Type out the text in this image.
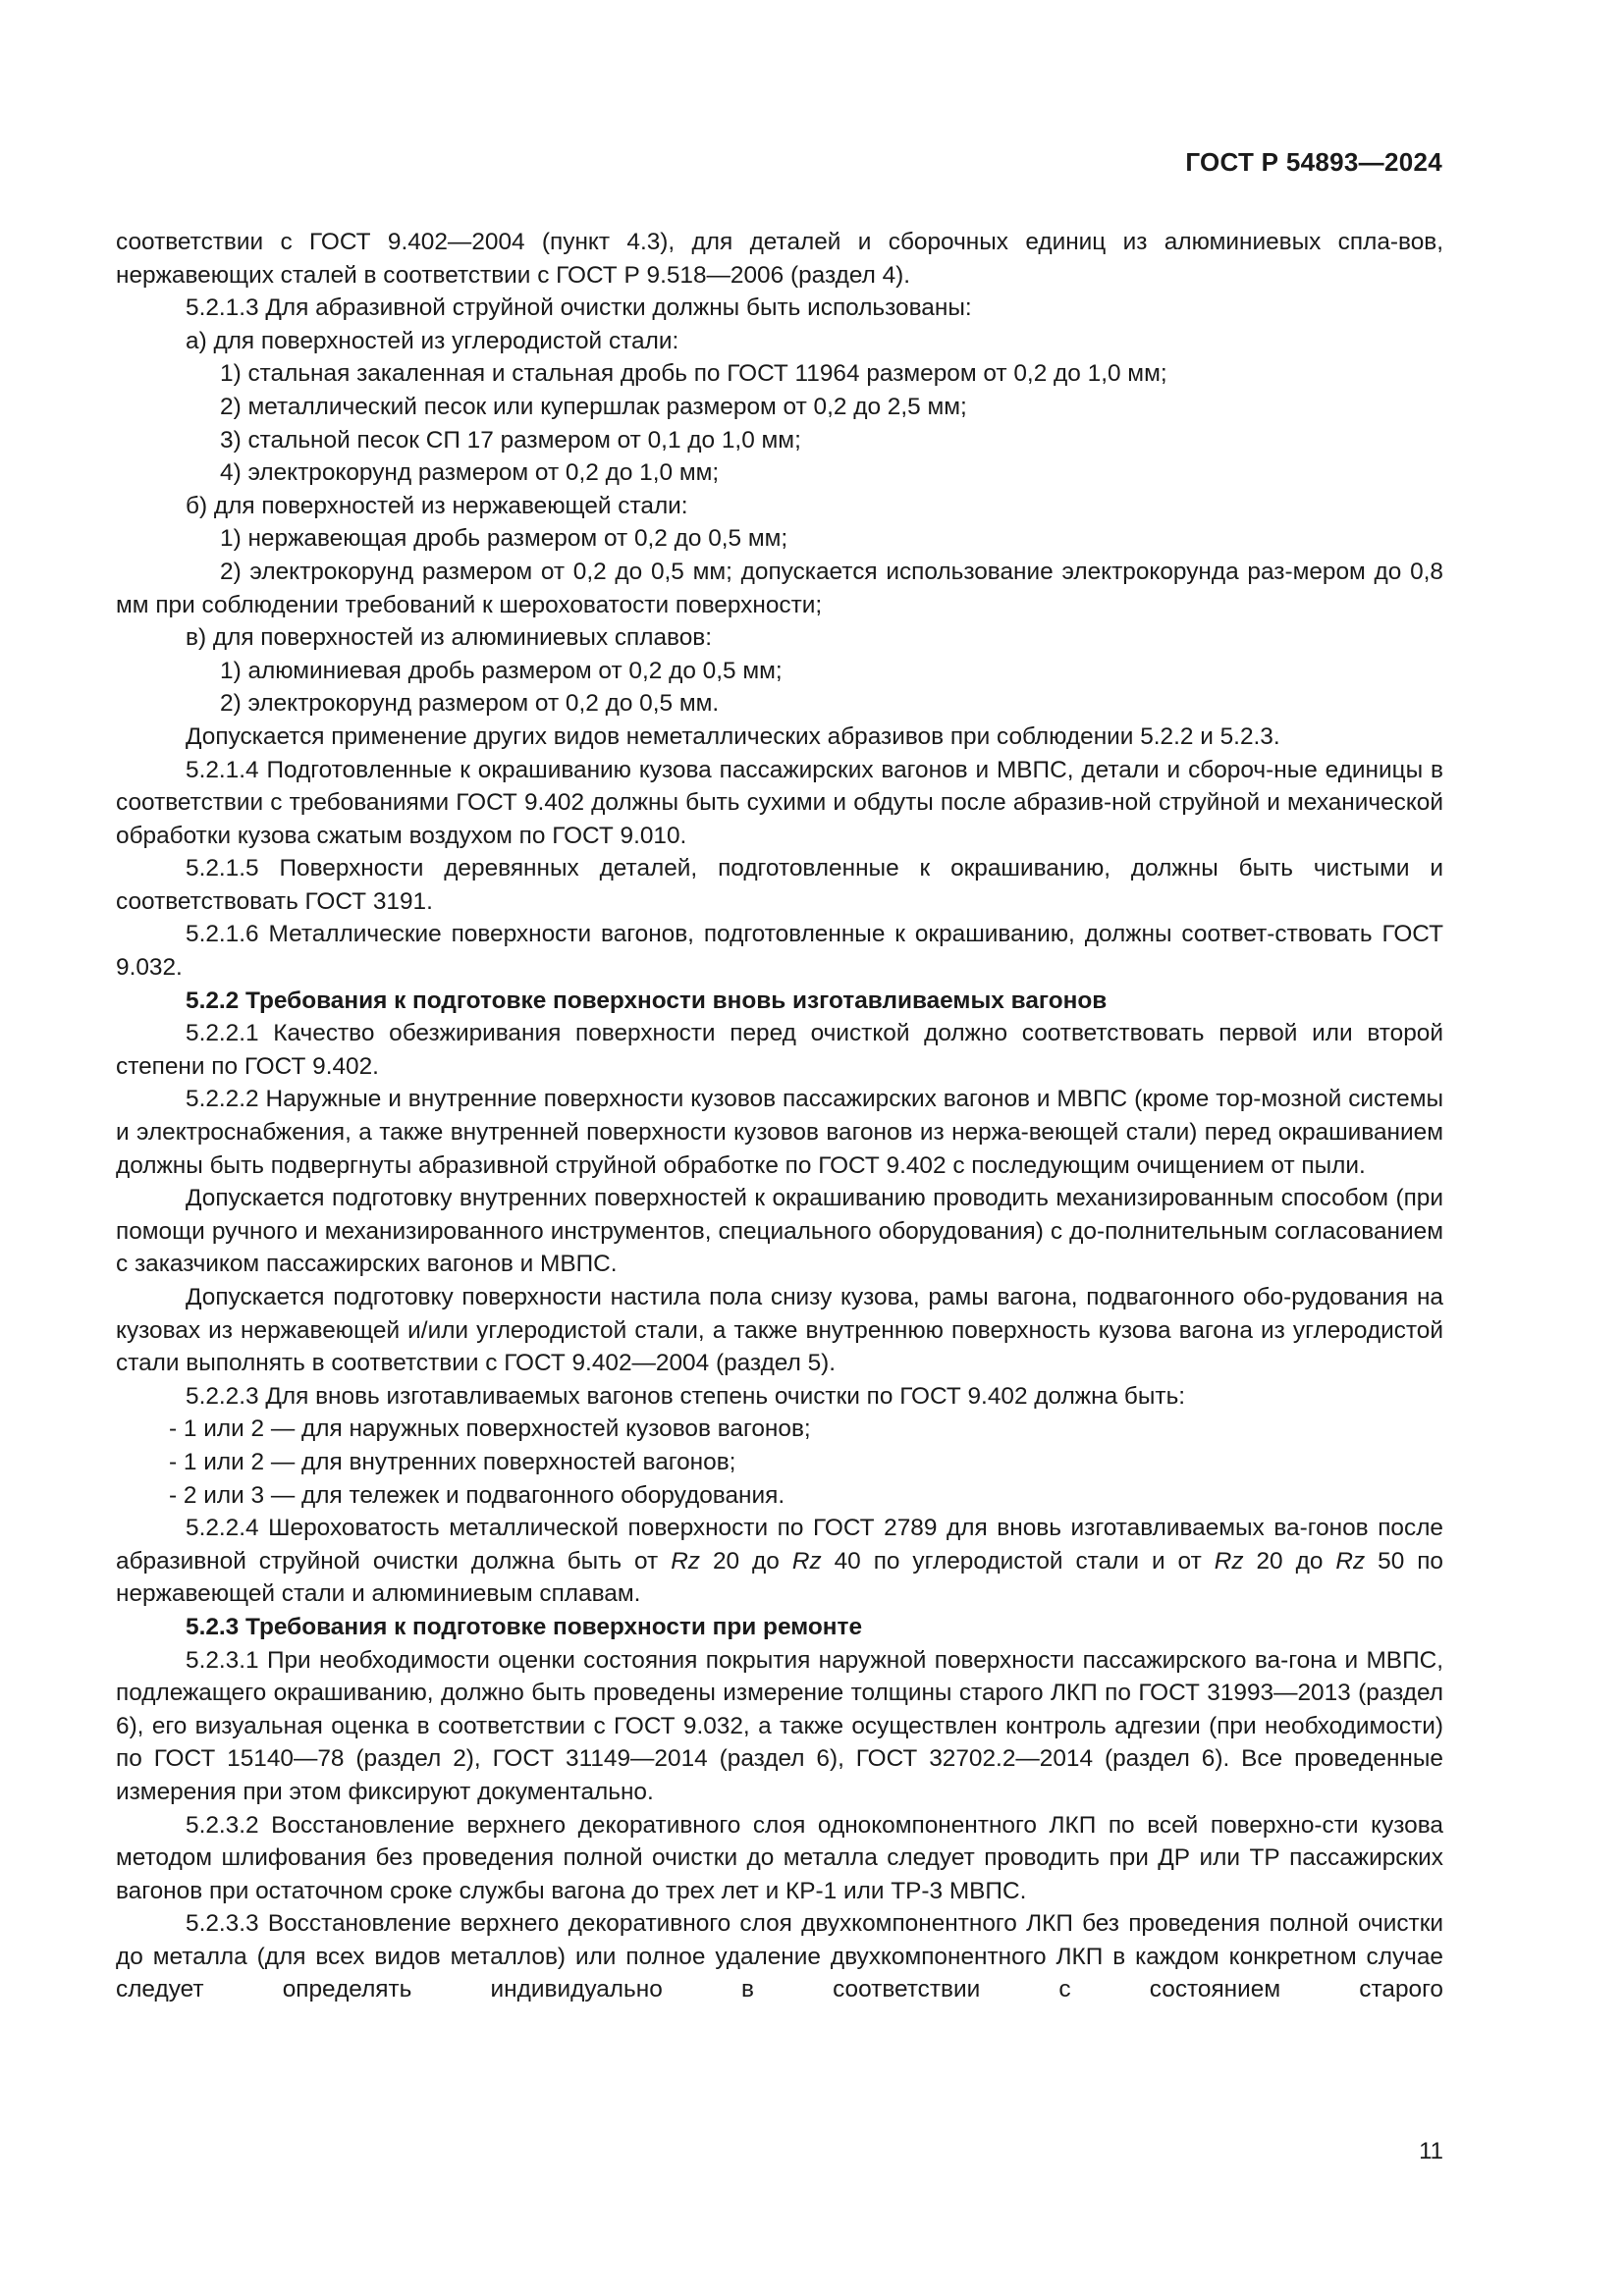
ГОСТ Р 54893—2024

соответствии с ГОСТ 9.402—2004 (пункт 4.3), для деталей и сборочных единиц из алюминиевых спла-вов, нержавеющих сталей в соответствии с ГОСТ Р 9.518—2006 (раздел 4).

5.2.1.3 Для абразивной струйной очистки должны быть использованы:

а) для поверхностей из углеродистой стали:

1) стальная закаленная и стальная дробь по ГОСТ 11964 размером от 0,2 до 1,0 мм;

2) металлический песок или купершлак размером от 0,2 до 2,5 мм;

3) стальной песок СП 17 размером от 0,1 до 1,0 мм;

4) электрокорунд размером от 0,2 до 1,0 мм;

б) для поверхностей из нержавеющей стали:

1) нержавеющая дробь размером от 0,2 до 0,5 мм;

2) электрокорунд размером от 0,2 до 0,5 мм; допускается использование электрокорунда раз-мером до 0,8 мм при соблюдении требований к шероховатости поверхности;

в) для поверхностей из алюминиевых сплавов:

1) алюминиевая дробь размером от 0,2 до 0,5 мм;

2) электрокорунд размером от 0,2 до 0,5 мм.

Допускается применение других видов неметаллических абразивов при соблюдении 5.2.2 и 5.2.3.

5.2.1.4 Подготовленные к окрашиванию кузова пассажирских вагонов и МВПС, детали и сбороч-ные единицы в соответствии с требованиями ГОСТ 9.402 должны быть сухими и обдуты после абразив-ной струйной и механической обработки кузова сжатым воздухом по ГОСТ 9.010.

5.2.1.5 Поверхности деревянных деталей, подготовленные к окрашиванию, должны быть чистыми и соответствовать ГОСТ 3191.

5.2.1.6 Металлические поверхности вагонов, подготовленные к окрашиванию, должны соответ-ствовать ГОСТ 9.032.

5.2.2 Требования к подготовке поверхности вновь изготавливаемых вагонов

5.2.2.1 Качество обезжиривания поверхности перед очисткой должно соответствовать первой или второй степени по ГОСТ 9.402.

5.2.2.2 Наружные и внутренние поверхности кузовов пассажирских вагонов и МВПС (кроме тор-мозной системы и электроснабжения, а также внутренней поверхности кузовов вагонов из нержа-веющей стали) перед окрашиванием должны быть подвергнуты абразивной струйной обработке по ГОСТ 9.402 с последующим очищением от пыли.

Допускается подготовку внутренних поверхностей к окрашиванию проводить механизированным способом (при помощи ручного и механизированного инструментов, специального оборудования) с до-полнительным согласованием с заказчиком пассажирских вагонов и МВПС.

Допускается подготовку поверхности настила пола снизу кузова, рамы вагона, подвагонного обо-рудования на кузовах из нержавеющей и/или углеродистой стали, а также внутреннюю поверхность кузова вагона из углеродистой стали выполнять в соответствии с ГОСТ 9.402—2004 (раздел 5).

5.2.2.3 Для вновь изготавливаемых вагонов степень очистки по ГОСТ 9.402 должна быть:

- 1 или 2 — для наружных поверхностей кузовов вагонов;

- 1 или 2 — для внутренних поверхностей вагонов;

- 2 или 3 — для тележек и подвагонного оборудования.

5.2.2.4 Шероховатость металлической поверхности по ГОСТ 2789 для вновь изготавливаемых ва-гонов после абразивной струйной очистки должна быть от Rz 20 до Rz 40 по углеродистой стали и от Rz 20 до Rz 50 по нержавеющей стали и алюминиевым сплавам.

5.2.3 Требования к подготовке поверхности при ремонте

5.2.3.1 При необходимости оценки состояния покрытия наружной поверхности пассажирского ва-гона и МВПС, подлежащего окрашиванию, должно быть проведены измерение толщины старого ЛКП по ГОСТ 31993—2013 (раздел 6), его визуальная оценка в соответствии с ГОСТ 9.032, а также осуществлен контроль адгезии (при необходимости) по ГОСТ 15140—78 (раздел 2), ГОСТ 31149—2014 (раздел 6), ГОСТ 32702.2—2014 (раздел 6). Все проведенные измерения при этом фиксируют документально.

5.2.3.2 Восстановление верхнего декоративного слоя однокомпонентного ЛКП по всей поверхно-сти кузова методом шлифования без проведения полной очистки до металла следует проводить при ДР или ТР пассажирских вагонов при остаточном сроке службы вагона до трех лет и КР-1 или ТР-3 МВПС.

5.2.3.3 Восстановление верхнего декоративного слоя двухкомпонентного ЛКП без проведения полной очистки до металла (для всех видов металлов) или полное удаление двухкомпонентного ЛКП в каждом конкретном случае следует определять индивидуально в соответствии с состоянием старого

11
